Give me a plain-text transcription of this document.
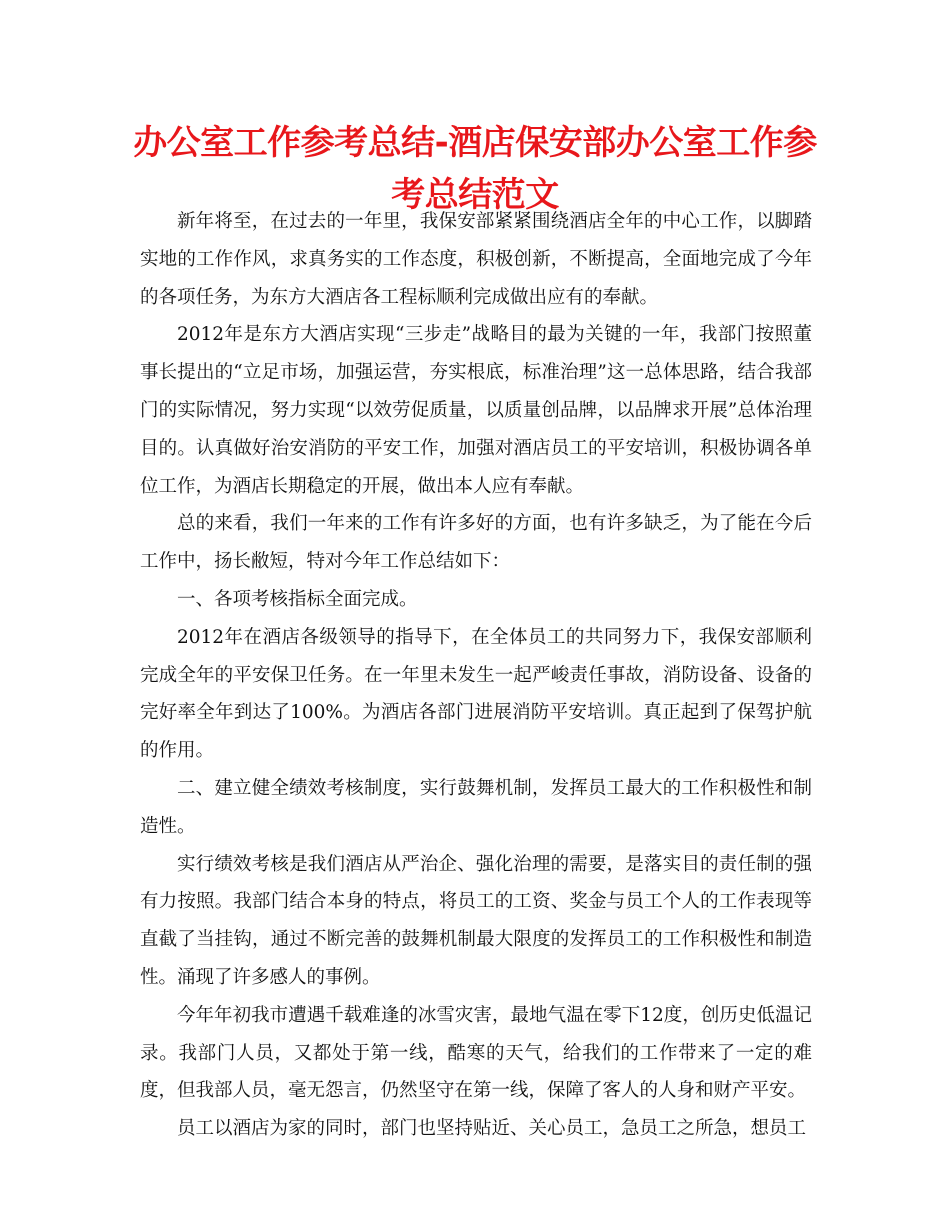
办公室工作参考总结-酒店保安部办公室工作参考总结范文

新年将至，在过去的一年里，我保安部紧紧围绕酒店全年的中心工作，以脚踏实地的工作作风，求真务实的工作态度，积极创新，不断提高，全面地完成了今年的各项任务，为东方大酒店各工程标顺利完成做出应有的奉献。

2012年是东方大酒店实现“三步走”战略目的最为关键的一年，我部门按照董事长提出的“立足市场，加强运营，夯实根底，标准治理”这一总体思路，结合我部门的实际情况，努力实现“以效劳促质量，以质量创品牌，以品牌求开展”总体治理目的。认真做好治安消防的平安工作，加强对酒店员工的平安培训，积极协调各单位工作，为酒店长期稳定的开展，做出本人应有奉献。

总的来看，我们一年来的工作有许多好的方面，也有许多缺乏，为了能在今后工作中，扬长敝短，特对今年工作总结如下：

一、各项考核指标全面完成。

2012年在酒店各级领导的指导下，在全体员工的共同努力下，我保安部顺利完成全年的平安保卫任务。在一年里未发生一起严峻责任事故，消防设备、设备的完好率全年到达了100%。为酒店各部门进展消防平安培训。真正起到了保驾护航的作用。

二、建立健全绩效考核制度，实行鼓舞机制，发挥员工最大的工作积极性和制造性。

实行绩效考核是我们酒店从严治企、强化治理的需要，是落实目的责任制的强有力按照。我部门结合本身的特点，将员工的工资、奖金与员工个人的工作表现等直截了当挂钩，通过不断完善的鼓舞机制最大限度的发挥员工的工作积极性和制造性。涌现了许多感人的事例。

今年年初我市遭遇千载难逢的冰雪灾害，最地气温在零下12度，创历史低温记录。我部门人员，又都处于第一线，酷寒的天气，给我们的工作带来了一定的难度，但我部人员，毫无怨言，仍然坚守在第一线，保障了客人的人身和财产平安。

员工以酒店为家的同时，部门也坚持贴近、关心员工，急员工之所急，想员工
